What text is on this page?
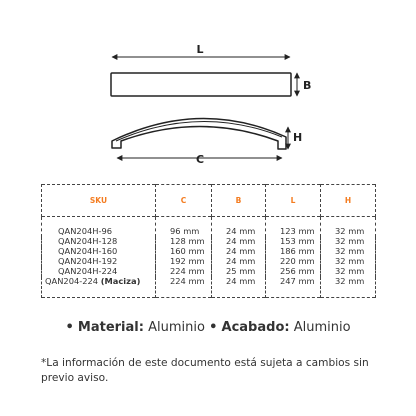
L
B
H
C
SKU	C	B	L	H
QAN204H-96	96 mm	24 mm	123 mm	32 mm
QAN204H-128	128 mm	24 mm	153 mm	32 mm
QAN204H-160	160 mm	24 mm	186 mm	32 mm
QAN204H-192	192 mm	24 mm	220 mm	32 mm
QAN204H-224	224 mm	25 mm	256 mm	32 mm
QAN204-224 (Maciza)	224 mm	24 mm	247 mm	32 mm
• Material: Aluminio • Acabado: Aluminio
*La información de este documento está sujeta a cambios sin previo aviso.
